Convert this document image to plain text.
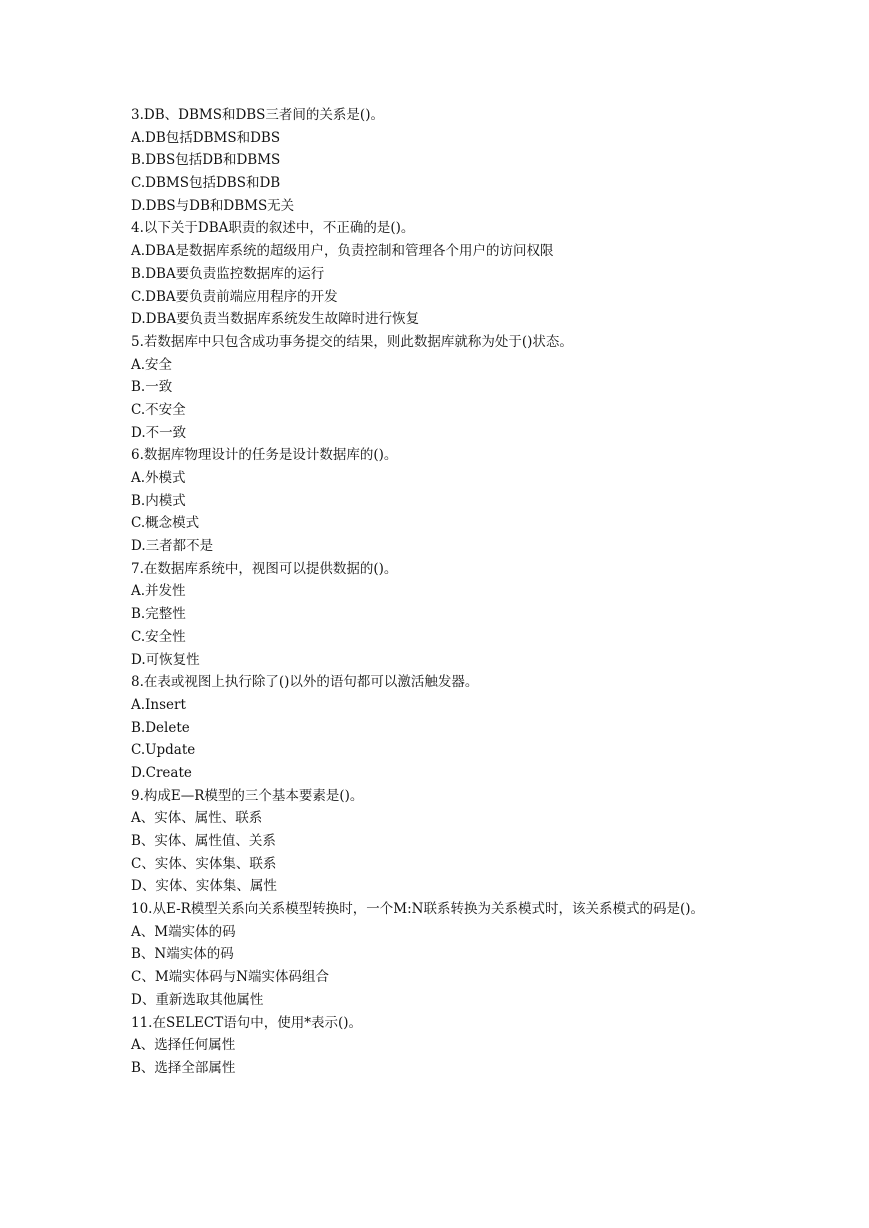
3.DB、DBMS和DBS三者间的关系是()。
A.DB包括DBMS和DBS
B.DBS包括DB和DBMS
C.DBMS包括DBS和DB
D.DBS与DB和DBMS无关
4.以下关于DBA职责的叙述中，不正确的是()。
A.DBA是数据库系统的超级用户，负责控制和管理各个用户的访问权限
B.DBA要负责监控数据库的运行
C.DBA要负责前端应用程序的开发
D.DBA要负责当数据库系统发生故障时进行恢复
5.若数据库中只包含成功事务提交的结果，则此数据库就称为处于()状态。
A.安全
B.一致
C.不安全
D.不一致
6.数据库物理设计的任务是设计数据库的()。
A.外模式
B.内模式
C.概念模式
D.三者都不是
7.在数据库系统中，视图可以提供数据的()。
A.并发性
B.完整性
C.安全性
D.可恢复性
8.在表或视图上执行除了()以外的语句都可以激活触发器。
A.Insert
B.Delete
C.Update
D.Create
9.构成E—R模型的三个基本要素是()。
A、实体、属性、联系
B、实体、属性值、关系
C、实体、实体集、联系
D、实体、实体集、属性
10.从E-R模型关系向关系模型转换时，一个M:N联系转换为关系模式时，该关系模式的码是()。
A、M端实体的码
B、N端实体的码
C、M端实体码与N端实体码组合
D、重新选取其他属性
11.在SELECT语句中，使用*表示()。
A、选择任何属性
B、选择全部属性
